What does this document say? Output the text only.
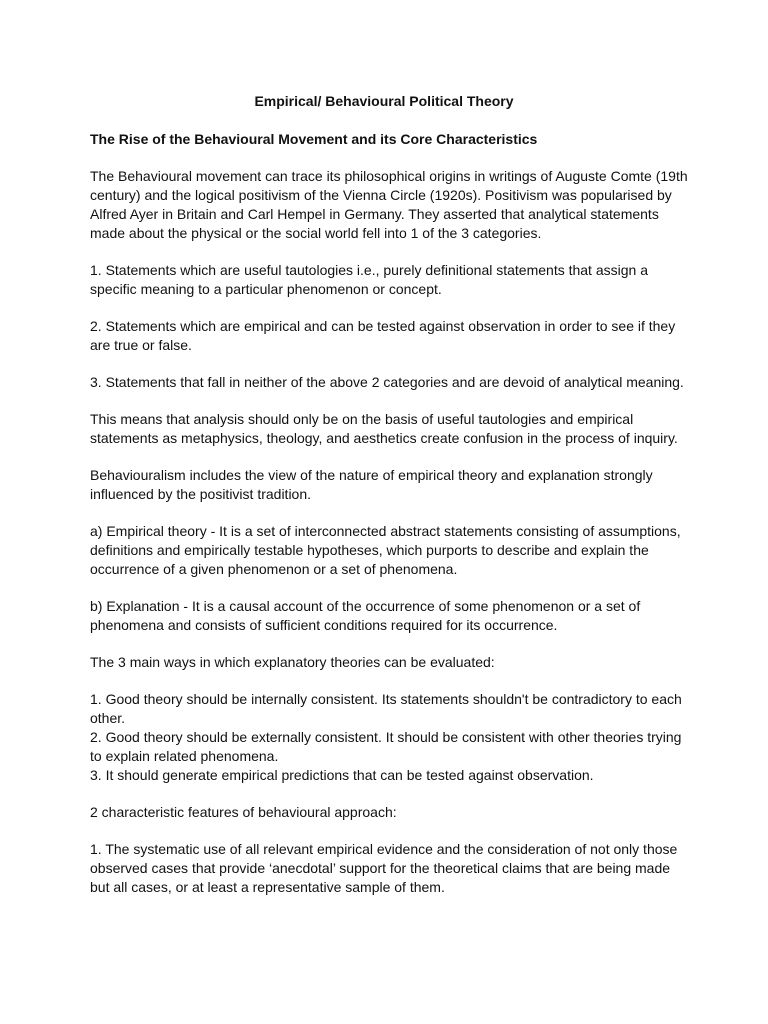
Empirical/ Behavioural Political Theory
The Rise of the Behavioural Movement and its Core Characteristics

The Behavioural movement can trace its philosophical origins in writings of Auguste Comte (19th century) and the logical positivism of the Vienna Circle (1920s). Positivism was popularised by Alfred Ayer in Britain and Carl Hempel in Germany. They asserted that analytical statements made about the physical or the social world fell into 1 of the 3 categories.

1. Statements which are useful tautologies i.e., purely definitional statements that assign a specific meaning to a particular phenomenon or concept.

2. Statements which are empirical and can be tested against observation in order to see if they are true or false.

3. Statements that fall in neither of the above 2 categories and are devoid of analytical meaning.

This means that analysis should only be on the basis of useful tautologies and empirical statements as metaphysics, theology, and aesthetics create confusion in the process of inquiry.

Behaviouralism includes the view of the nature of empirical theory and explanation strongly influenced by the positivist tradition.

a) Empirical theory - It is a set of interconnected abstract statements consisting of assumptions, definitions and empirically testable hypotheses, which purports to describe and explain the occurrence of a given phenomenon or a set of phenomena.

b) Explanation - It is a causal account of the occurrence of some phenomenon or a set of phenomena and consists of sufficient conditions required for its occurrence.

The 3 main ways in which explanatory theories can be evaluated:

1. Good theory should be internally consistent. Its statements shouldn't be contradictory to each other.

2. Good theory should be externally consistent. It should be consistent with other theories trying to explain related phenomena.

3. It should generate empirical predictions that can be tested against observation.

2 characteristic features of behavioural approach:

1. The systematic use of all relevant empirical evidence and the consideration of not only those observed cases that provide ‘anecdotal’ support for the theoretical claims that are being made but all cases, or at least a representative sample of them.
